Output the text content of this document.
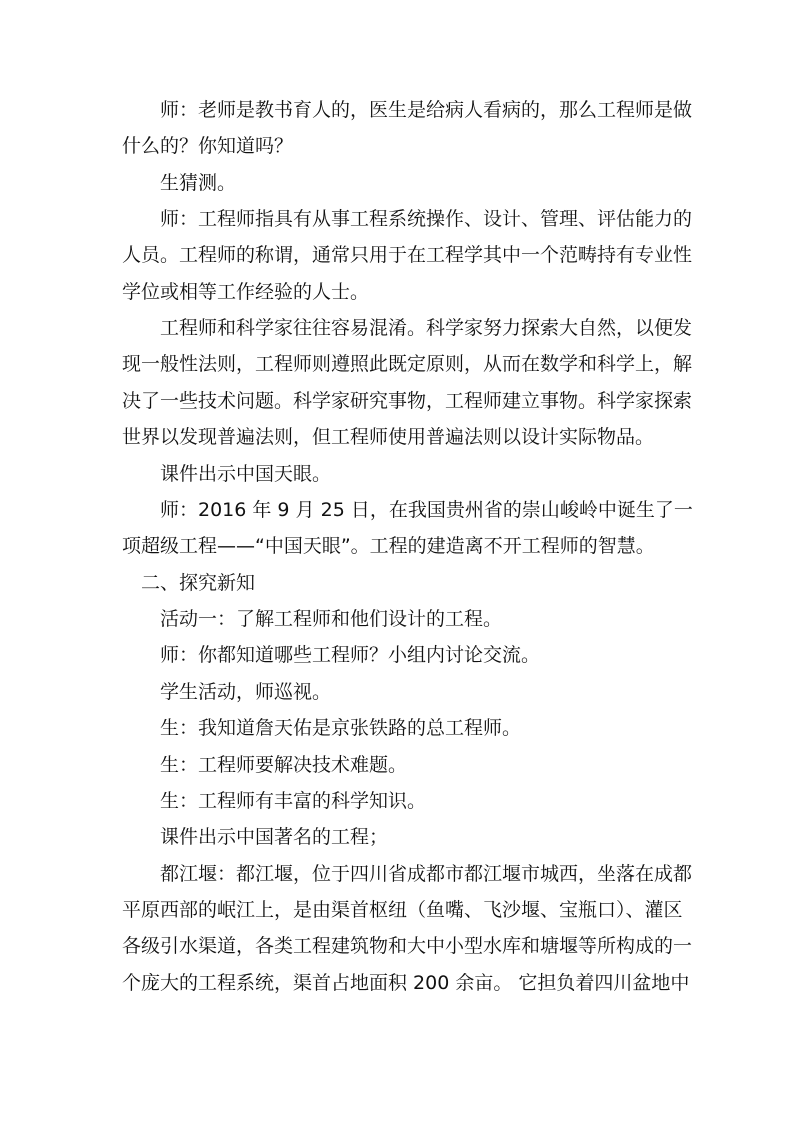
师：老师是教书育人的，医生是给病人看病的，那么工程师是做
什么的？你知道吗？
生猜测。
师：工程师指具有从事工程系统操作、设计、管理、评估能力的
人员。工程师的称谓，通常只用于在工程学其中一个范畴持有专业性
学位或相等工作经验的人士。
工程师和科学家往往容易混淆。科学家努力探索大自然，以便发
现一般性法则，工程师则遵照此既定原则，从而在数学和科学上，解
决了一些技术问题。科学家研究事物，工程师建立事物。科学家探索
世界以发现普遍法则，但工程师使用普遍法则以设计实际物品。
课件出示中国天眼。
师：2016 年 9 月 25 日，在我国贵州省的崇山峻岭中诞生了一
项超级工程——“中国天眼”。工程的建造离不开工程师的智慧。
二、探究新知
活动一：了解工程师和他们设计的工程。
师：你都知道哪些工程师？小组内讨论交流。
学生活动，师巡视。
生：我知道詹天佑是京张铁路的总工程师。
生：工程师要解决技术难题。
生：工程师有丰富的科学知识。
课件出示中国著名的工程；
都江堰：都江堰，位于四川省成都市都江堰市城西，坐落在成都
平原西部的岷江上，是由渠首枢纽（鱼嘴、飞沙堰、宝瓶口）、灌区
各级引水渠道，各类工程建筑物和大中小型水库和塘堰等所构成的一
个庞大的工程系统，渠首占地面积 200 余亩。 它担负着四川盆地中
